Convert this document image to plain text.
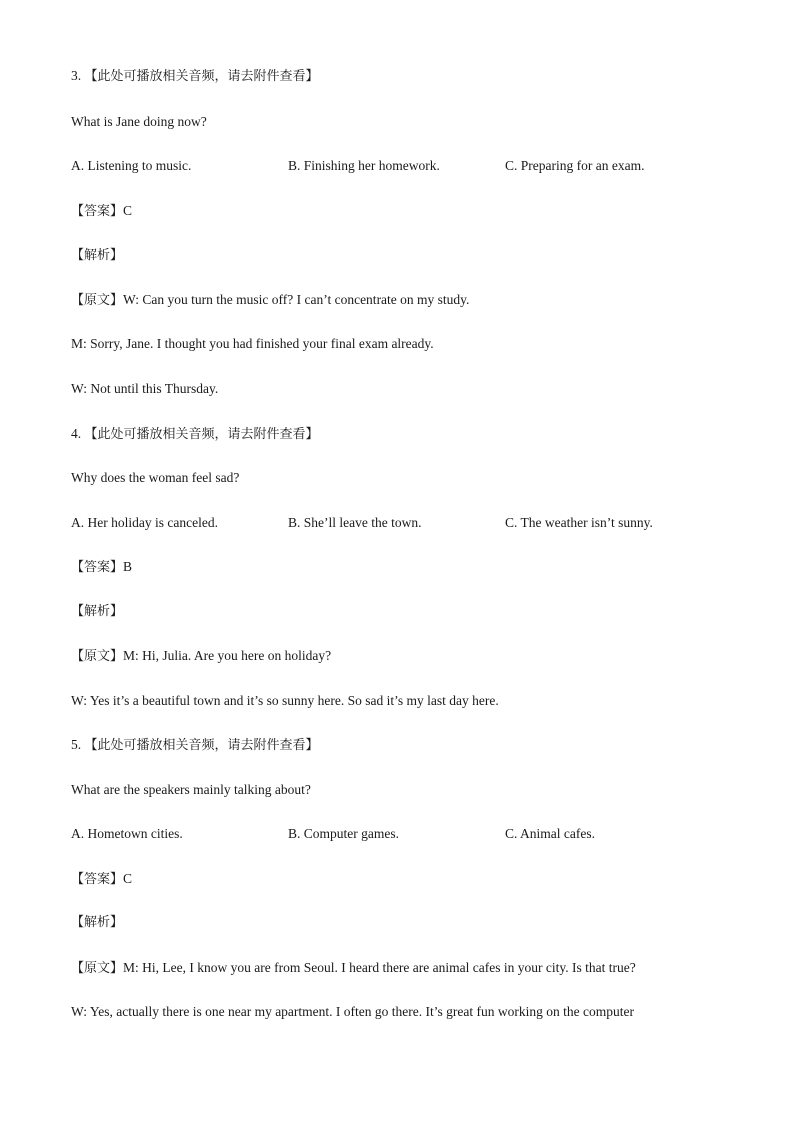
3. 【此处可播放相关音频，请去附件查看】
What is Jane doing now?
A. Listening to music.	B. Finishing her homework.	C. Preparing for an exam.
【答案】C
【解析】
【原文】W: Can you turn the music off? I can’t concentrate on my study.
M: Sorry, Jane. I thought you had finished your final exam already.
W: Not until this Thursday.
4. 【此处可播放相关音频，请去附件查看】
Why does the woman feel sad?
A. Her holiday is canceled.	B. She’ll leave the town.	C. The weather isn’t sunny.
【答案】B
【解析】
【原文】M: Hi, Julia. Are you here on holiday?
W: Yes it’s a beautiful town and it’s so sunny here. So sad it’s my last day here.
5. 【此处可播放相关音频，请去附件查看】
What are the speakers mainly talking about?
A. Hometown cities.	B. Computer games.	C. Animal cafes.
【答案】C
【解析】
【原文】M: Hi, Lee, I know you are from Seoul. I heard there are animal cafes in your city. Is that true?
W: Yes, actually there is one near my apartment. I often go there. It’s great fun working on the computer
